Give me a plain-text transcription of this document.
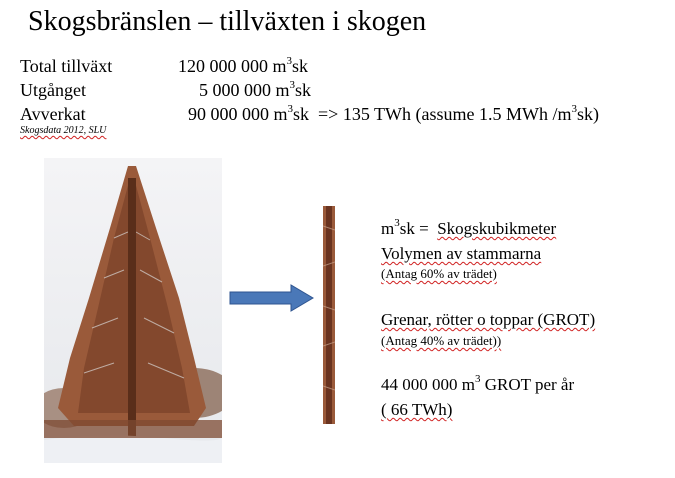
Skogsbränslen – tillväxten i skogen
Total tillväxt	120 000 000 $m^3sk$
Utgånget	5 000 000 $m^3sk$
Avverkat	90 000 000 $m^3sk => 135$ TWh (assume 1.5 MWh $/m^3sk$)
Skogsdata 2012, SLU
$m^3sk$ =  Skogskubikmeter
Volymen av stammarna
(Antag 60% av trädet)
Grenar, rötter o toppar (GROT)
(Antag 40% av trädet))
44 000 000 $m^3$ GROT per år
( 66 TWh)
